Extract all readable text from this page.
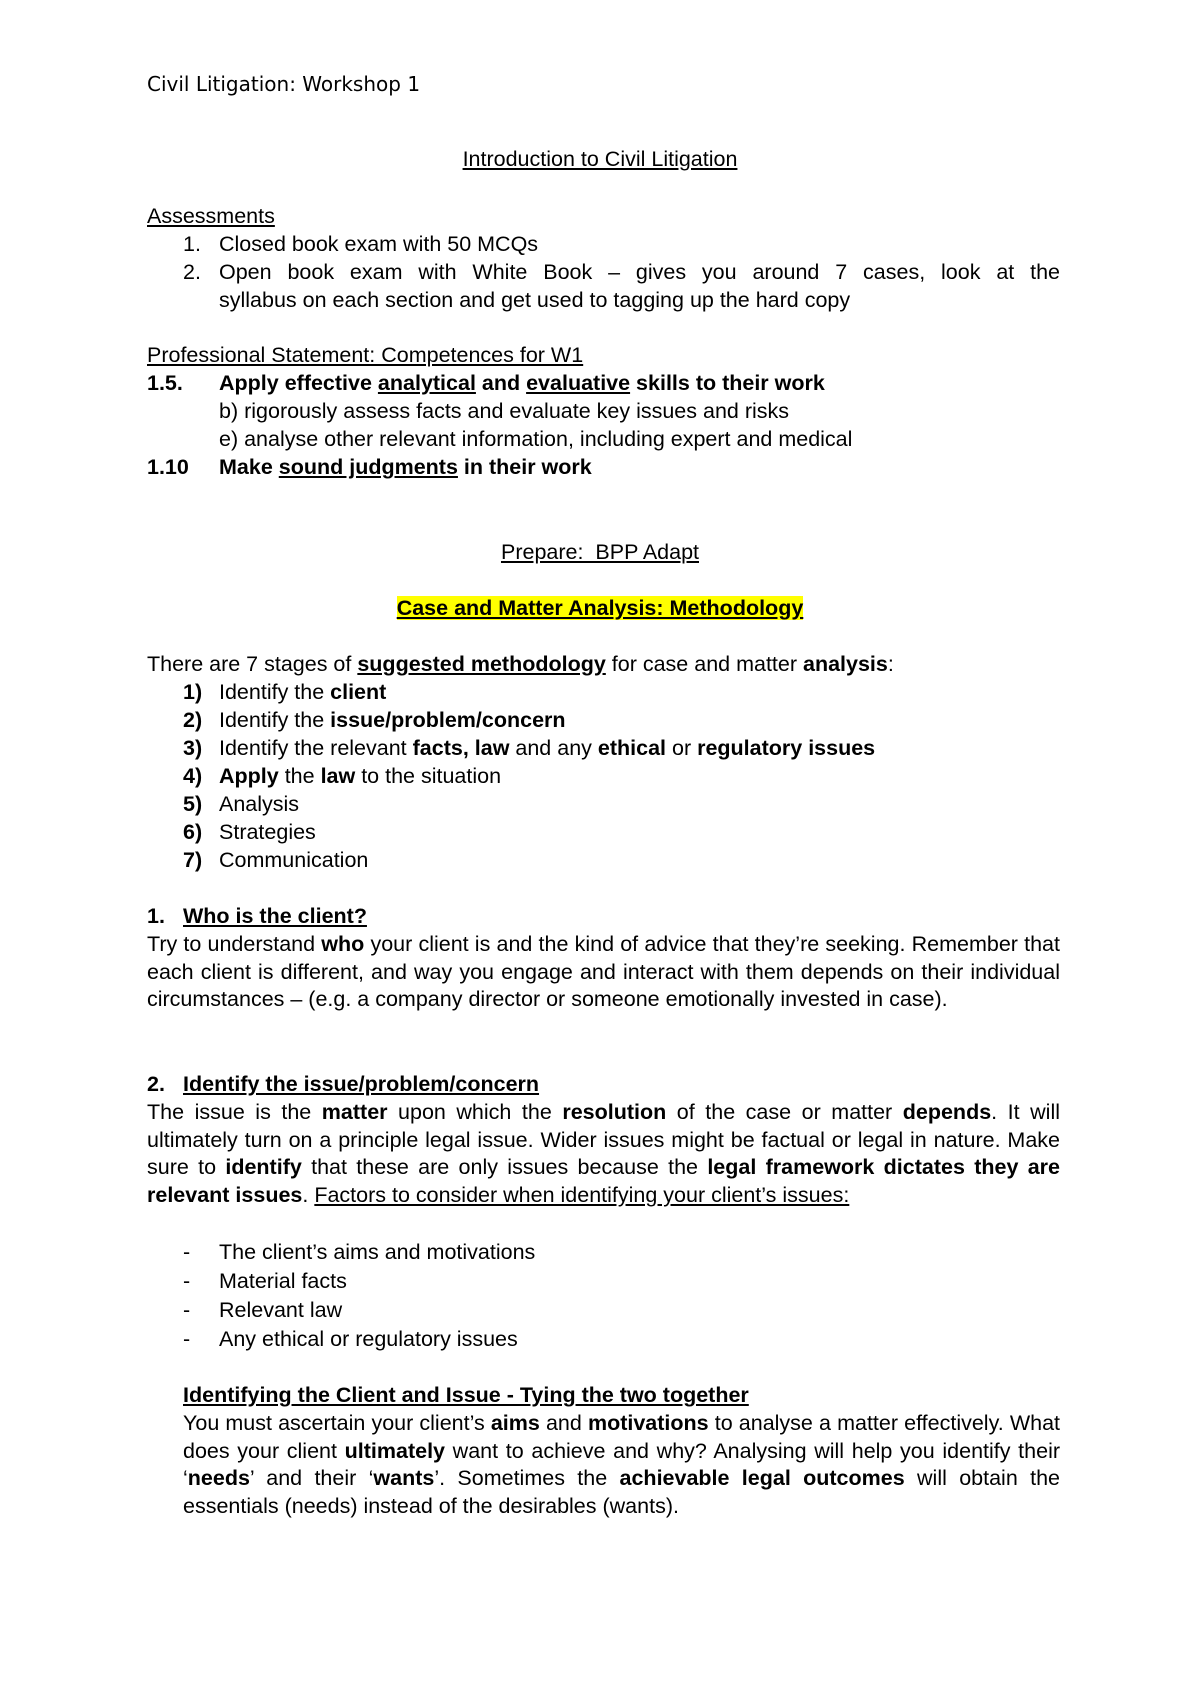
Civil Litigation: Workshop 1
Introduction to Civil Litigation
Assessments
1. Closed book exam with 50 MCQs
2. Open book exam with White Book – gives you around 7 cases, look at the
syllabus on each section and get used to tagging up the hard copy
Professional Statement: Competences for W1
1.5. Apply effective analytical and evaluative skills to their work
b) rigorously assess facts and evaluate key issues and risks
e) analyse other relevant information, including expert and medical
1.10 Make sound judgments in their work
Prepare:  BPP Adapt
Case and Matter Analysis: Methodology
There are 7 stages of suggested methodology for case and matter analysis:
1) Identify the client
2) Identify the issue/problem/concern
3) Identify the relevant facts, law and any ethical or regulatory issues
4) Apply the law to the situation
5) Analysis
6) Strategies
7) Communication
1. Who is the client?
Try to understand who your client is and the kind of advice that they’re seeking. Remember that each client is different, and way you engage and interact with them depends on their individual circumstances – (e.g. a company director or someone emotionally invested in case).
2. Identify the issue/problem/concern
The issue is the matter upon which the resolution of the case or matter depends. It will ultimately turn on a principle legal issue. Wider issues might be factual or legal in nature. Make sure to identify that these are only issues because the legal framework dictates they are relevant issues. Factors to consider when identifying your client’s issues:
- The client’s aims and motivations
- Material facts
- Relevant law
- Any ethical or regulatory issues
Identifying the Client and Issue - Tying the two together
You must ascertain your client’s aims and motivations to analyse a matter effectively. What does your client ultimately want to achieve and why? Analysing will help you identify their ‘needs’ and their ‘wants’. Sometimes the achievable legal outcomes will obtain the essentials (needs) instead of the desirables (wants).
